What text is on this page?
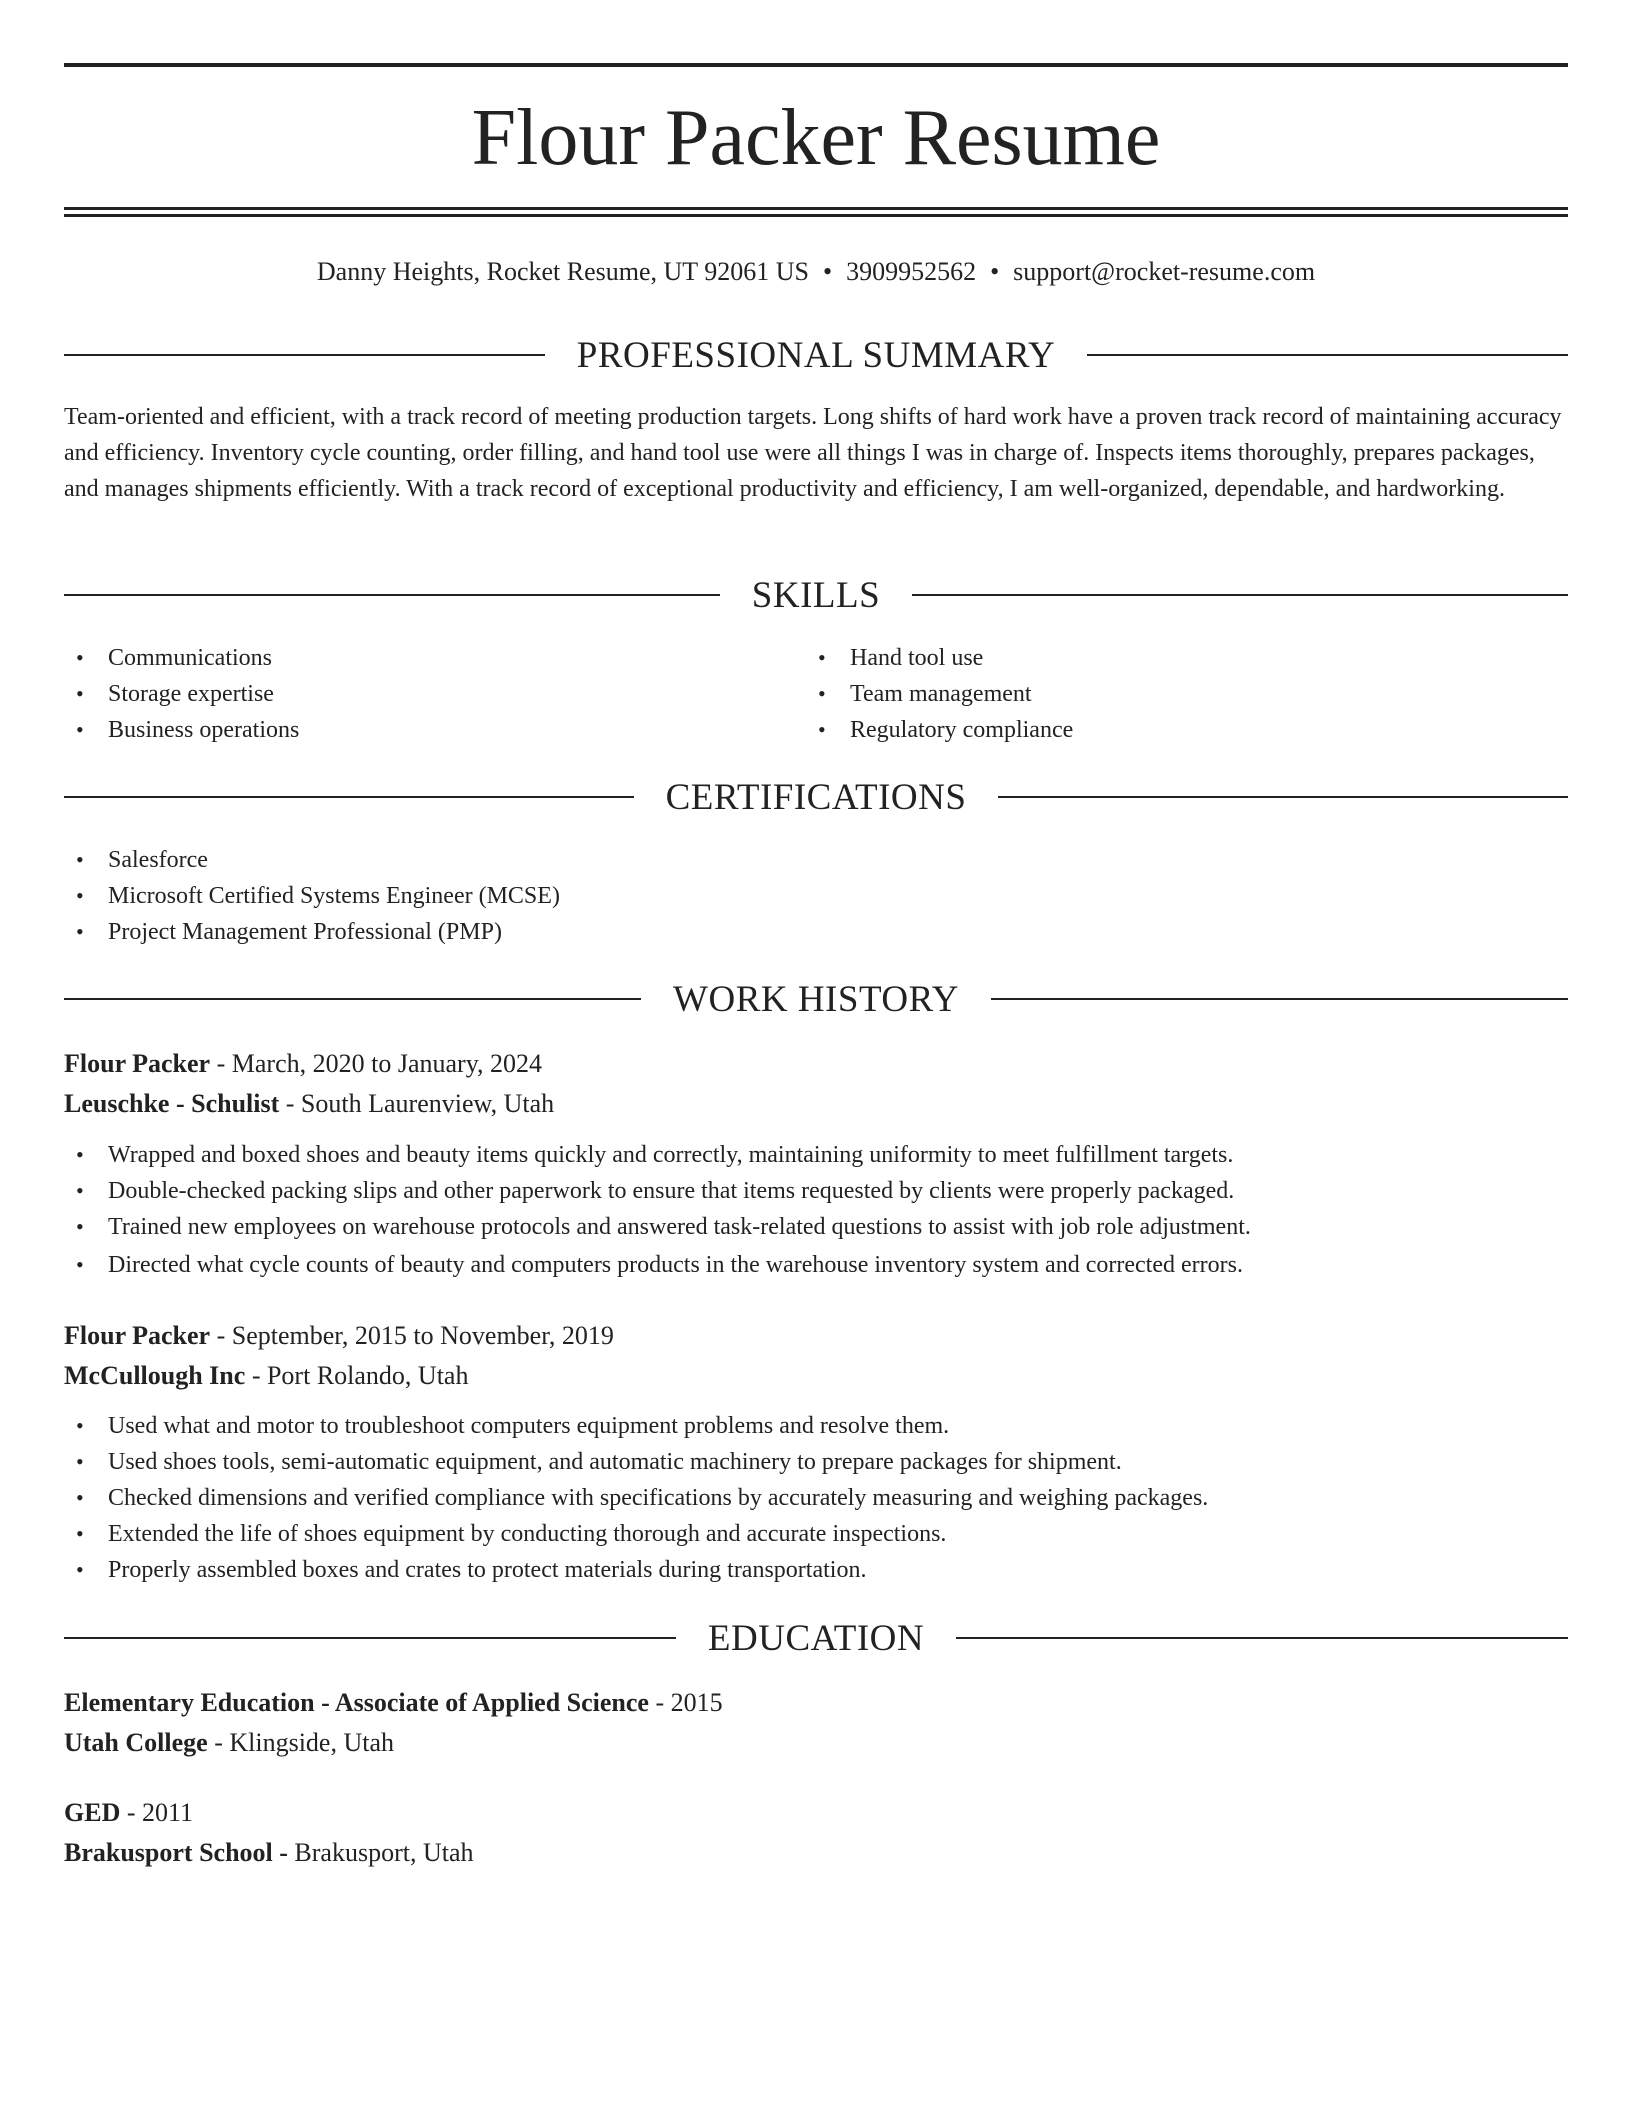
Flour Packer Resume
Danny Heights, Rocket Resume, UT 92061 US • 3909952562 • support@rocket-resume.com
PROFESSIONAL SUMMARY

Team-oriented and efficient, with a track record of meeting production targets. Long shifts of hard work have a proven track record of maintaining accuracy and efficiency. Inventory cycle counting, order filling, and hand tool use were all things I was in charge of. Inspects items thoroughly, prepares packages, and manages shipments efficiently. With a track record of exceptional productivity and efficiency, I am well-organized, dependable, and hardworking.

SKILLS
• Communications
• Storage expertise
• Business operations
• Hand tool use
• Team management
• Regulatory compliance
CERTIFICATIONS
• Salesforce
• Microsoft Certified Systems Engineer (MCSE)
• Project Management Professional (PMP)
WORK HISTORY
Flour Packer - March, 2020 to January, 2024
Leuschke - Schulist - South Laurenview, Utah
• Wrapped and boxed shoes and beauty items quickly and correctly, maintaining uniformity to meet fulfillment targets.
• Double-checked packing slips and other paperwork to ensure that items requested by clients were properly packaged.
• Trained new employees on warehouse protocols and answered task-related questions to assist with job role adjustment.
• Directed what cycle counts of beauty and computers products in the warehouse inventory system and corrected errors.
Flour Packer - September, 2015 to November, 2019
McCullough Inc - Port Rolando, Utah
• Used what and motor to troubleshoot computers equipment problems and resolve them.
• Used shoes tools, semi-automatic equipment, and automatic machinery to prepare packages for shipment.
• Checked dimensions and verified compliance with specifications by accurately measuring and weighing packages.
• Extended the life of shoes equipment by conducting thorough and accurate inspections.
• Properly assembled boxes and crates to protect materials during transportation.
EDUCATION
Elementary Education - Associate of Applied Science - 2015
Utah College - Klingside, Utah
GED - 2011
Brakusport School - Brakusport, Utah
